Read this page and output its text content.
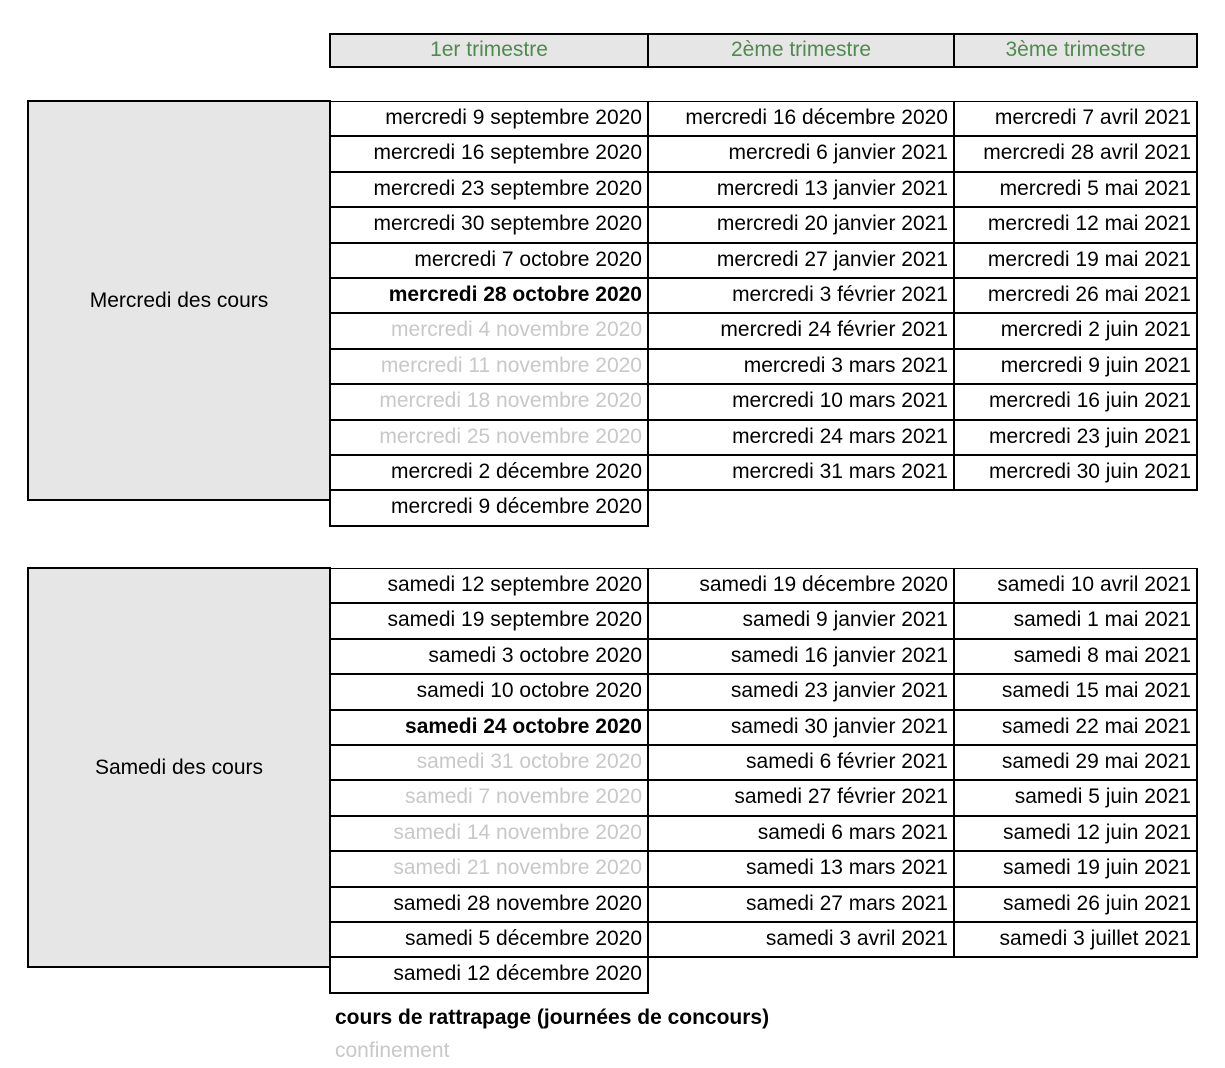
1er trimestre	2ème trimestre	3ème trimestre
Mercredi des cours
mercredi 9 septembre 2020
mercredi 16 septembre 2020
mercredi 23 septembre 2020
mercredi 30 septembre 2020
mercredi 7 octobre 2020
mercredi 28 octobre 2020
mercredi 4 novembre 2020
mercredi 11 novembre 2020
mercredi 18 novembre 2020
mercredi 25 novembre 2020
mercredi 2 décembre 2020
mercredi 9 décembre 2020
mercredi 16 décembre 2020
mercredi 6 janvier 2021
mercredi 13 janvier 2021
mercredi 20 janvier 2021
mercredi 27 janvier 2021
mercredi 3 février 2021
mercredi 24 février 2021
mercredi 3 mars 2021
mercredi 10 mars 2021
mercredi 24 mars 2021
mercredi 31 mars 2021
mercredi 7 avril 2021
mercredi 28 avril 2021
mercredi 5 mai 2021
mercredi 12 mai 2021
mercredi 19 mai 2021
mercredi 26 mai 2021
mercredi 2 juin 2021
mercredi 9 juin 2021
mercredi 16 juin 2021
mercredi 23 juin 2021
mercredi 30 juin 2021
Samedi des cours
samedi 12 septembre 2020
samedi 19 septembre 2020
samedi 3 octobre 2020
samedi 10 octobre 2020
samedi 24 octobre 2020
samedi 31 octobre 2020
samedi 7 novembre 2020
samedi 14 novembre 2020
samedi 21 novembre 2020
samedi 28 novembre 2020
samedi 5 décembre 2020
samedi 12 décembre 2020
samedi 19 décembre 2020
samedi 9 janvier 2021
samedi 16 janvier 2021
samedi 23 janvier 2021
samedi 30 janvier 2021
samedi 6 février 2021
samedi 27 février 2021
samedi 6 mars 2021
samedi 13 mars 2021
samedi 27 mars 2021
samedi 3 avril 2021
samedi 10 avril 2021
samedi 1 mai 2021
samedi 8 mai 2021
samedi 15 mai 2021
samedi 22 mai 2021
samedi 29 mai 2021
samedi 5 juin 2021
samedi 12 juin 2021
samedi 19 juin 2021
samedi 26 juin 2021
samedi 3 juillet 2021
cours de rattrapage (journées de concours)
confinement
